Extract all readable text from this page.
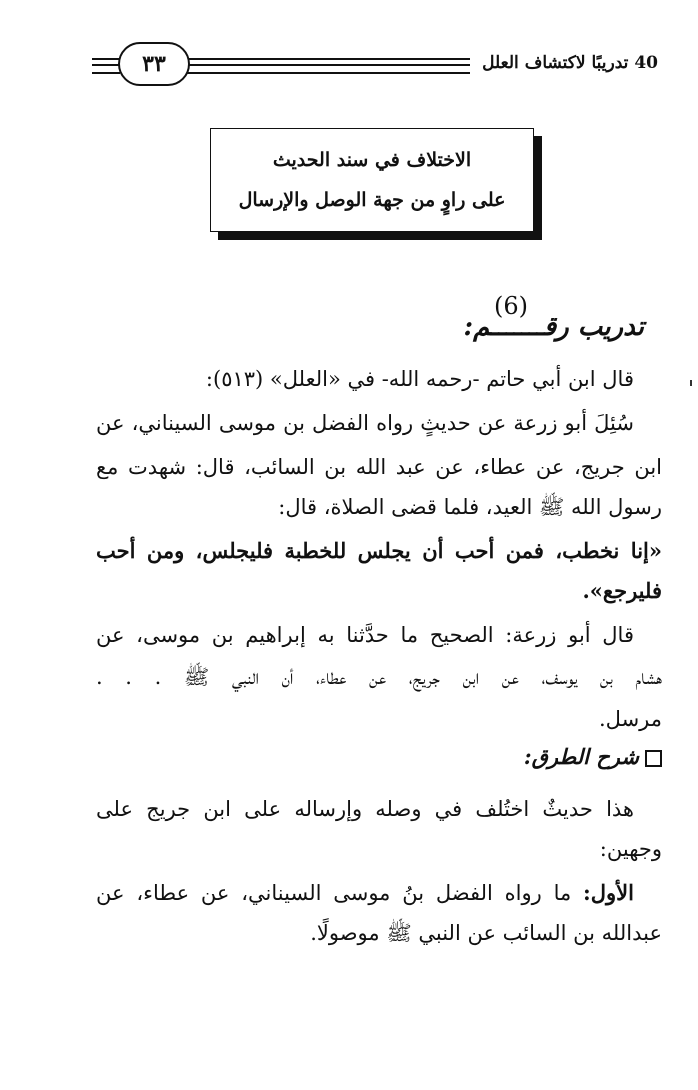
٣٣	40 تدريبًا لاكتشاف العلل
الاختلاف في سند الحديث
على راوٍ من جهة الوصل والإرسال
(6)
تدريب رقـــــــم:
قال ابن أبي حاتم -رحمه الله- في «العلل» (٥١٣):
سُئِلَ أبو زرعة عن حديثٍ رواه الفضل بن موسى السيناني، عن
ابن جريج، عن عطاء، عن عبد الله بن السائب، قال: شهدت مع
رسول الله ﷺ العيد، فلما قضى الصلاة، قال:
«إنا نخطب، فمن أحب أن يجلس للخطبة فليجلس، ومن أحب
فليرجع».
قال أبو زرعة: الصحيح ما حدَّثنا به إبراهيم بن موسى، عن
هشام بن يوسف، عن ابن جريج، عن عطاء، أن النبي ﷺ . . .
مرسل.
شرح الطرق:
هذا حديثٌ اختُلف في وصله وإرساله على ابن جريج على
وجهين:
الأول: ما رواه الفضل بنُ موسى السيناني، عن عطاء، عن
عبدالله بن السائب عن النبي ﷺ موصولًا.
